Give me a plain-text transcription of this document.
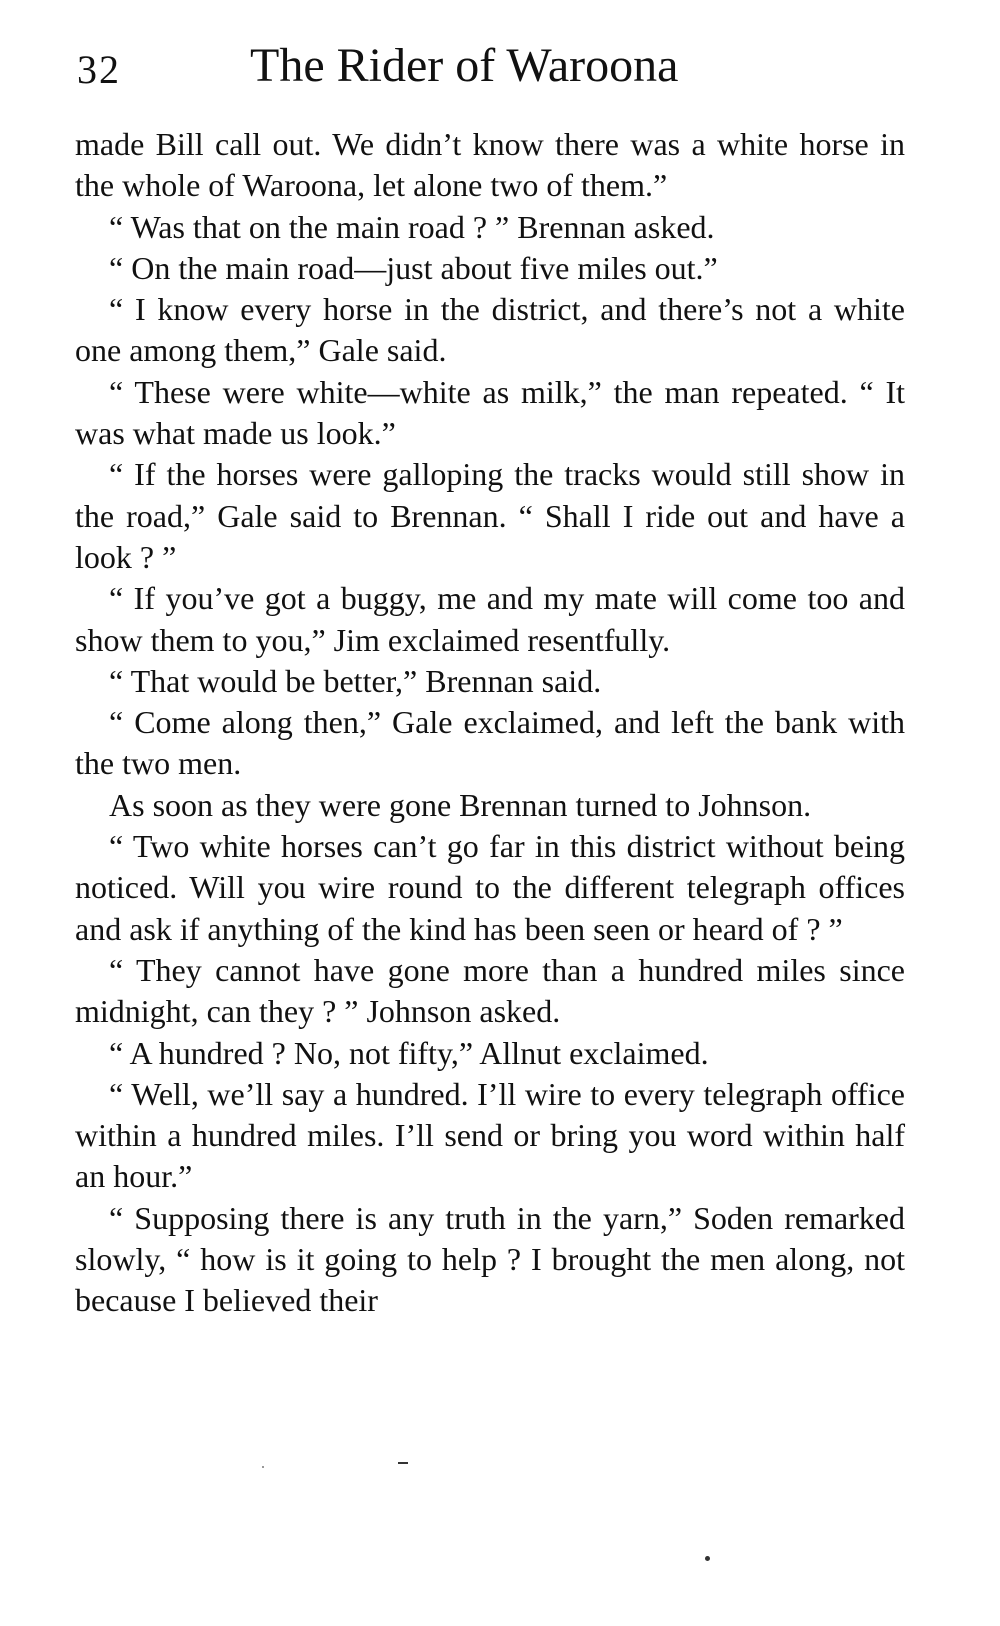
32	The Rider of Waroona

made Bill call out. We didn’t know there was a white horse in the whole of Waroona, let alone two of them.”

“ Was that on the main road ? ” Brennan asked.

“ On the main road—just about five miles out.”

“ I know every horse in the district, and there’s not a white one among them,” Gale said.

“ These were white—white as milk,” the man repeated. “ It was what made us look.”

“ If the horses were galloping the tracks would still show in the road,” Gale said to Brennan. “ Shall I ride out and have a look ? ”

“ If you’ve got a buggy, me and my mate will come too and show them to you,” Jim exclaimed resentfully.

“ That would be better,” Brennan said.

“ Come along then,” Gale exclaimed, and left the bank with the two men.

As soon as they were gone Brennan turned to Johnson.

“ Two white horses can’t go far in this district without being noticed. Will you wire round to the different telegraph offices and ask if anything of the kind has been seen or heard of ? ”

“ They cannot have gone more than a hundred miles since midnight, can they ? ” Johnson asked.

“ A hundred ? No, not fifty,” Allnut exclaimed.

“ Well, we’ll say a hundred. I’ll wire to every telegraph office within a hundred miles. I’ll send or bring you word within half an hour.”

“ Supposing there is any truth in the yarn,” Soden remarked slowly, “ how is it going to help ? I brought the men along, not because I believed their
